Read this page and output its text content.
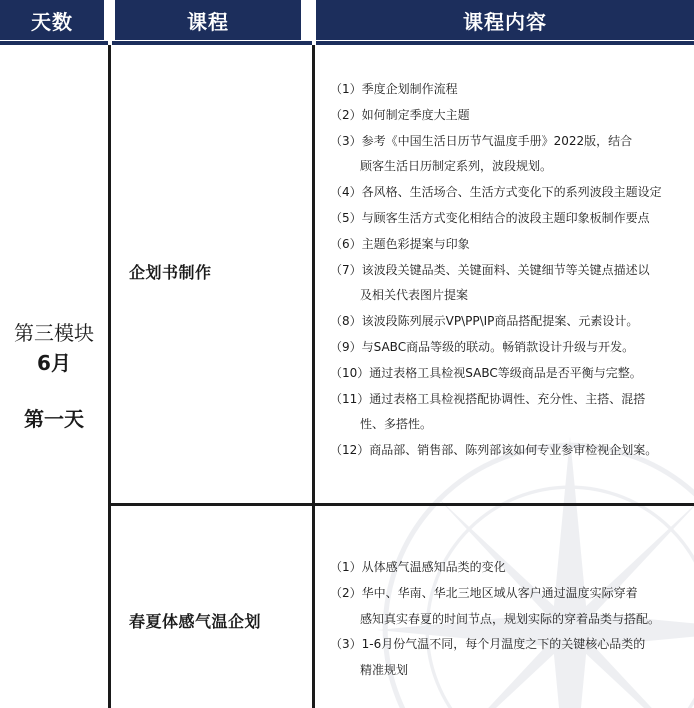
天数	课程	课程内容
第三模块
6月
第一天
企划书制作
（1）季度企划制作流程
（2）如何制定季度大主题
（3）参考《中国生活日历节气温度手册》2022版，结合
顾客生活日历制定系列，波段规划。
（4）各风格、生活场合、生活方式变化下的系列波段主题设定
（5）与顾客生活方式变化相结合的波段主题印象板制作要点
（6）主题色彩提案与印象
（7）该波段关键品类、关键面料、关键细节等关键点描述以
及相关代表图片提案
（8）该波段陈列展示VP\PP\IP商品搭配提案、元素设计。
（9）与SABC商品等级的联动。畅销款设计升级与开发。
（10）通过表格工具检视SABC等级商品是否平衡与完整。
（11）通过表格工具检视搭配协调性、充分性、主搭、混搭
性、多搭性。
（12）商品部、销售部、陈列部该如何专业参审检视企划案。
春夏体感气温企划
（1）从体感气温感知品类的变化
（2）华中、华南、华北三地区域从客户通过温度实际穿着
感知真实春夏的时间节点，规划实际的穿着品类与搭配。
（3）1-6月份气温不同，每个月温度之下的关键核心品类的
精准规划
